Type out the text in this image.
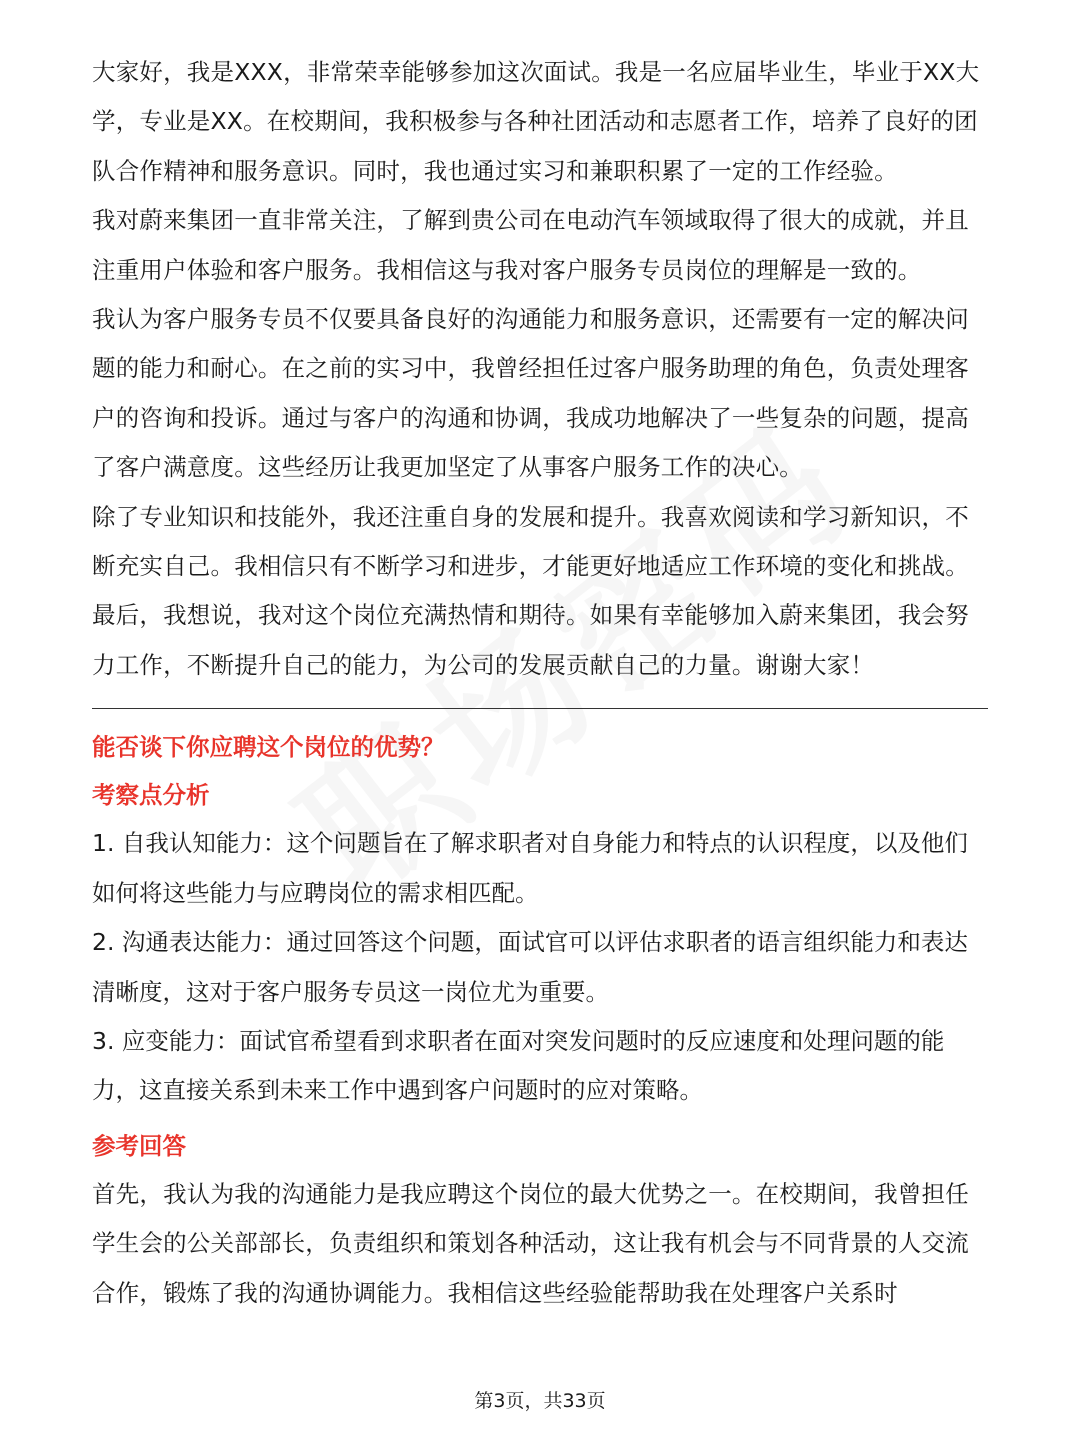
大家好，我是XXX，非常荣幸能够参加这次面试。我是一名应届毕业生，毕业于XX大学，专业是XX。在校期间，我积极参与各种社团活动和志愿者工作，培养了良好的团队合作精神和服务意识。同时，我也通过实习和兼职积累了一定的工作经验。

我对蔚来集团一直非常关注，了解到贵公司在电动汽车领域取得了很大的成就，并且注重用户体验和客户服务。我相信这与我对客户服务专员岗位的理解是一致的。

我认为客户服务专员不仅要具备良好的沟通能力和服务意识，还需要有一定的解决问题的能力和耐心。在之前的实习中，我曾经担任过客户服务助理的角色，负责处理客户的咨询和投诉。通过与客户的沟通和协调，我成功地解决了一些复杂的问题，提高了客户满意度。这些经历让我更加坚定了从事客户服务工作的决心。

除了专业知识和技能外，我还注重自身的发展和提升。我喜欢阅读和学习新知识，不断充实自己。我相信只有不断学习和进步，才能更好地适应工作环境的变化和挑战。

最后，我想说，我对这个岗位充满热情和期待。如果有幸能够加入蔚来集团，我会努力工作，不断提升自己的能力，为公司的发展贡献自己的力量。谢谢大家！

能否谈下你应聘这个岗位的优势？

考察点分析

1. 自我认知能力：这个问题旨在了解求职者对自身能力和特点的认识程度，以及他们如何将这些能力与应聘岗位的需求相匹配。

2. 沟通表达能力：通过回答这个问题，面试官可以评估求职者的语言组织能力和表达清晰度，这对于客户服务专员这一岗位尤为重要。

3. 应变能力：面试官希望看到求职者在面对突发问题时的反应速度和处理问题的能力，这直接关系到未来工作中遇到客户问题时的应对策略。

参考回答

首先，我认为我的沟通能力是我应聘这个岗位的最大优势之一。在校期间，我曾担任学生会的公关部部长，负责组织和策划各种活动，这让我有机会与不同背景的人交流合作，锻炼了我的沟通协调能力。我相信这些经验能帮助我在处理客户关系时

第3页，共33页
